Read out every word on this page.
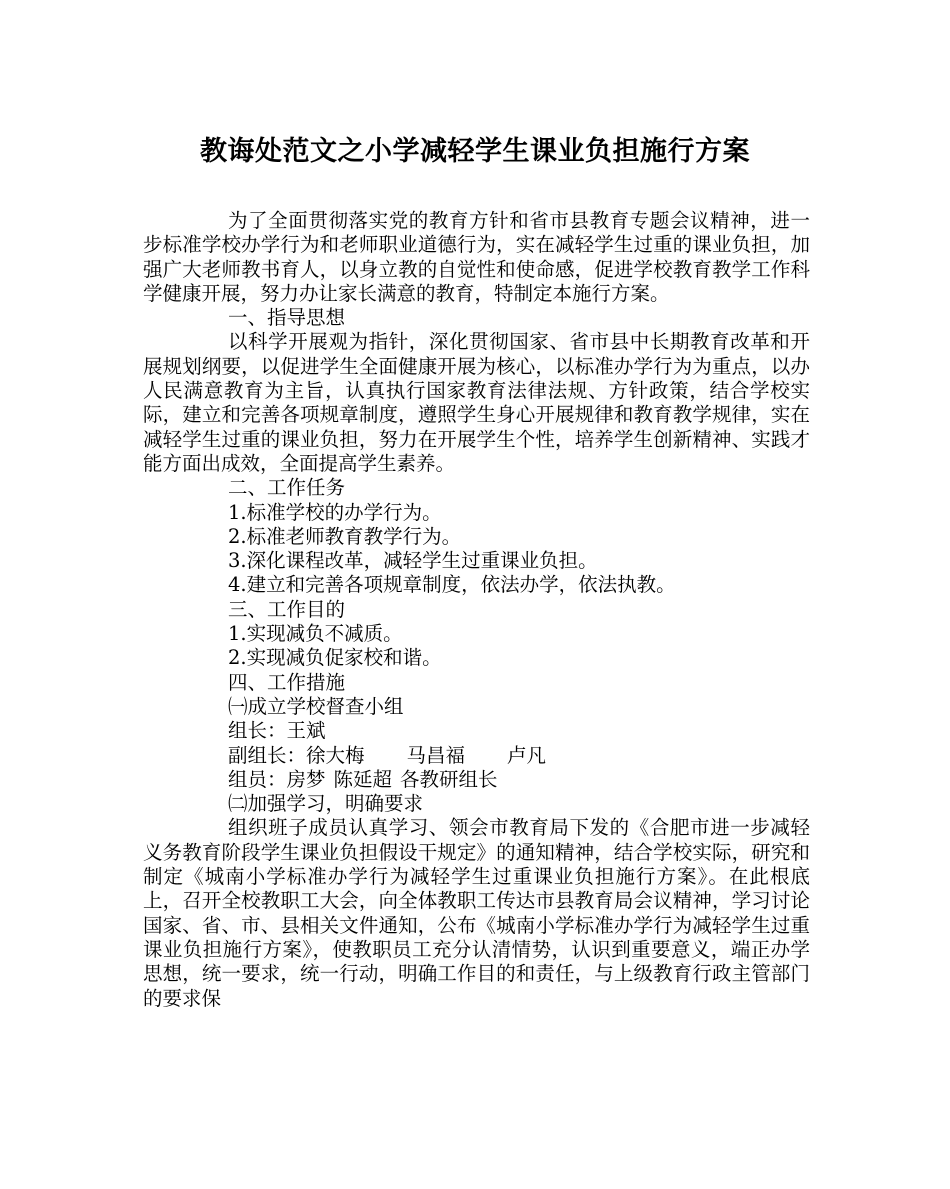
教诲处范文之小学减轻学生课业负担施行方案

为了全面贯彻落实党的教育方针和省市县教育专题会议精神，进一步标准学校办学行为和老师职业道德行为，实在减轻学生过重的课业负担，加强广大老师教书育人，以身立教的自觉性和使命感，促进学校教育教学工作科学健康开展，努力办让家长满意的教育，特制定本施行方案。

一、指导思想

以科学开展观为指针，深化贯彻国家、省市县中长期教育改革和开展规划纲要，以促进学生全面健康开展为核心，以标准办学行为为重点，以办人民满意教育为主旨，认真执行国家教育法律法规、方针政策，结合学校实际，建立和完善各项规章制度，遵照学生身心开展规律和教育教学规律，实在减轻学生过重的课业负担，努力在开展学生个性，培养学生创新精神、实践才能方面出成效，全面提高学生素养。

二、工作任务

1.标准学校的办学行为。

2.标准老师教育教学行为。

3.深化课程改革，减轻学生过重课业负担。

4.建立和完善各项规章制度，依法办学，依法执教。

三、工作目的

1.实现减负不减质。

2.实现减负促家校和谐。

四、工作措施

㈠成立学校督查小组

组长：王斌

副组长：徐大梅 马昌福 卢凡

组员：房梦 陈延超 各教研组长

㈡加强学习，明确要求

组织班子成员认真学习、领会市教育局下发的《合肥市进一步减轻义务教育阶段学生课业负担假设干规定》的通知精神，结合学校实际，研究和制定《城南小学标准办学行为减轻学生过重课业负担施行方案》。在此根底上，召开全校教职工大会，向全体教职工传达市县教育局会议精神，学习讨论国家、省、市、县相关文件通知，公布《城南小学标准办学行为减轻学生过重课业负担施行方案》，使教职员工充分认清情势，认识到重要意义，端正办学思想，统一要求，统一行动，明确工作目的和责任，与上级教育行政主管部门的要求保
